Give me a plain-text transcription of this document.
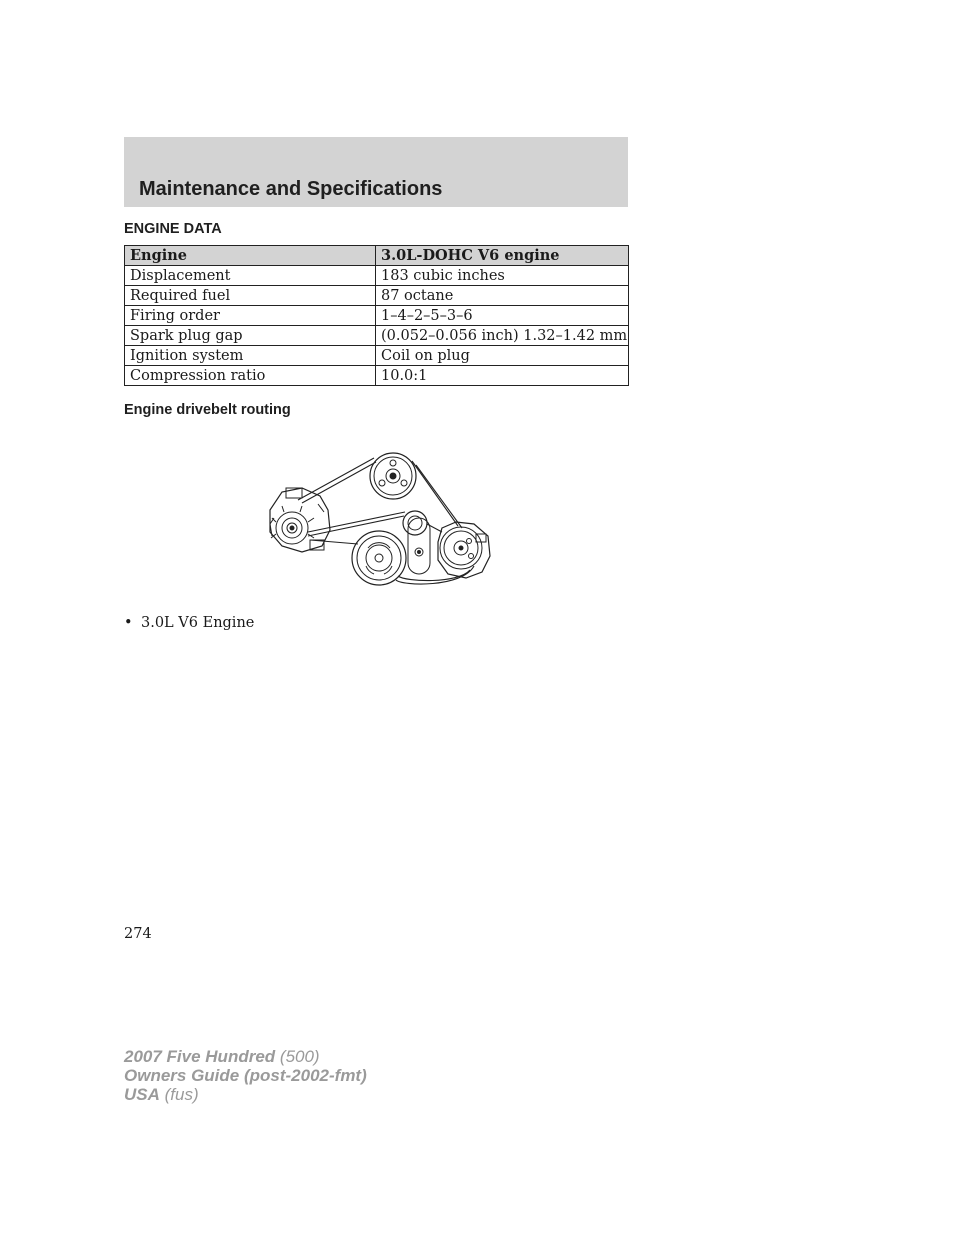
Maintenance and Specifications
ENGINE DATA
Engine	3.0L-DOHC V6 engine
Displacement	183 cubic inches
Required fuel	87 octane
Firing order	1–4–2–5–3–6
Spark plug gap	(0.052–0.056 inch) 1.32–1.42 mm
Ignition system	Coil on plug
Compression ratio	10.0:1
Engine drivebelt routing
• 3.0L V6 Engine
274
2007 Five Hundred (500)
Owners Guide (post-2002-fmt)
USA (fus)
